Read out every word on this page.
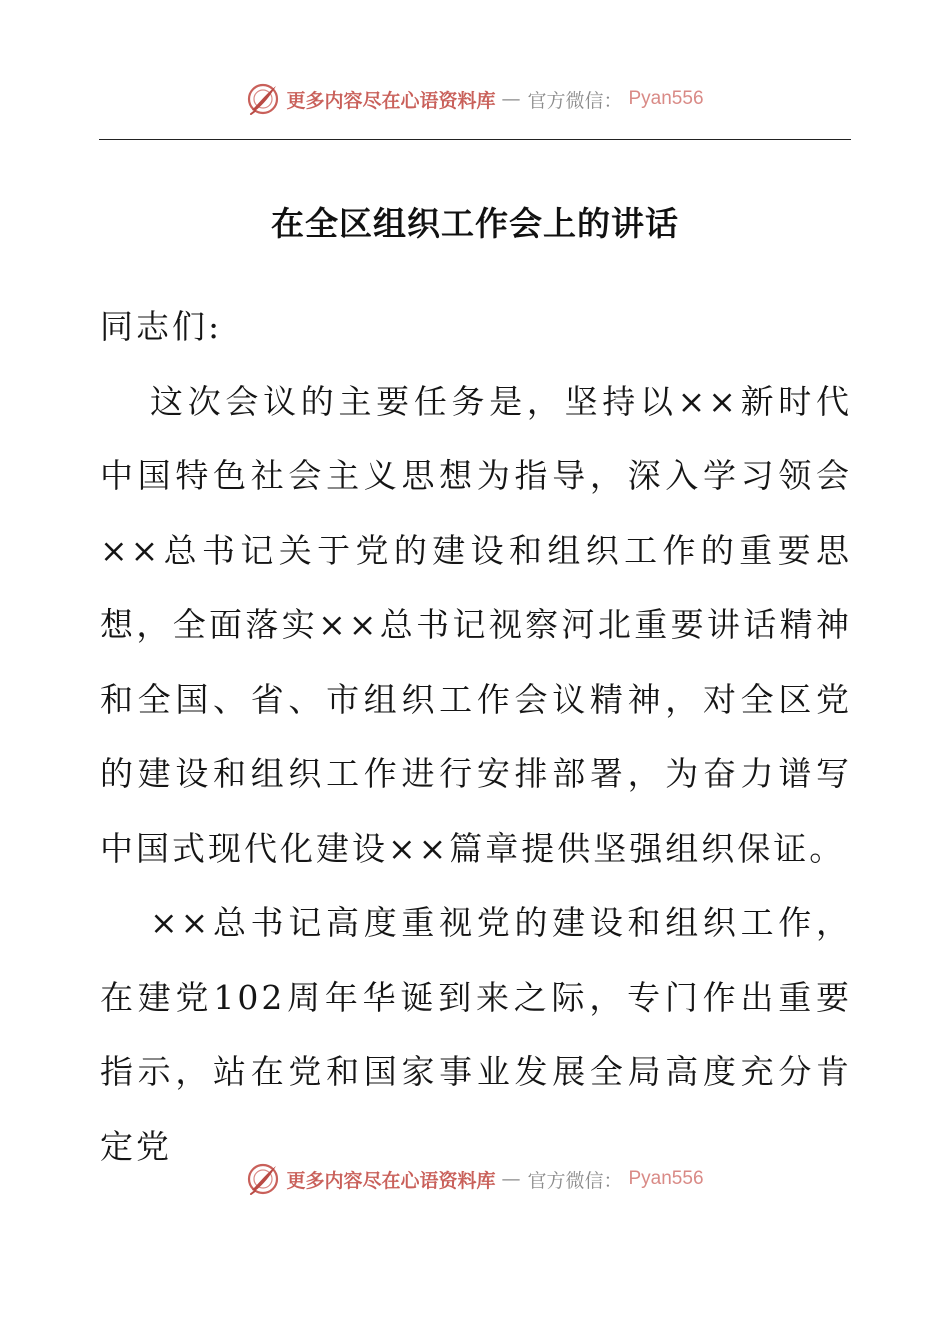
更多内容尽在心语资料库 — 官方微信： Pyan556
在全区组织工作会上的讲话

同志们:

这次会议的主要任务是，坚持以××新时代中国特色社会主义思想为指导，深入学习领会××总书记关于党的建设和组织工作的重要思想，全面落实××总书记视察河北重要讲话精神和全国、省、市组织工作会议精神，对全区党的建设和组织工作进行安排部署，为奋力谱写中国式现代化建设××篇章提供坚强组织保证。

××总书记高度重视党的建设和组织工作，在建党102周年华诞到来之际，专门作出重要指示，站在党和国家事业发展全局高度充分肯定党

更多内容尽在心语资料库 — 官方微信： Pyan556
